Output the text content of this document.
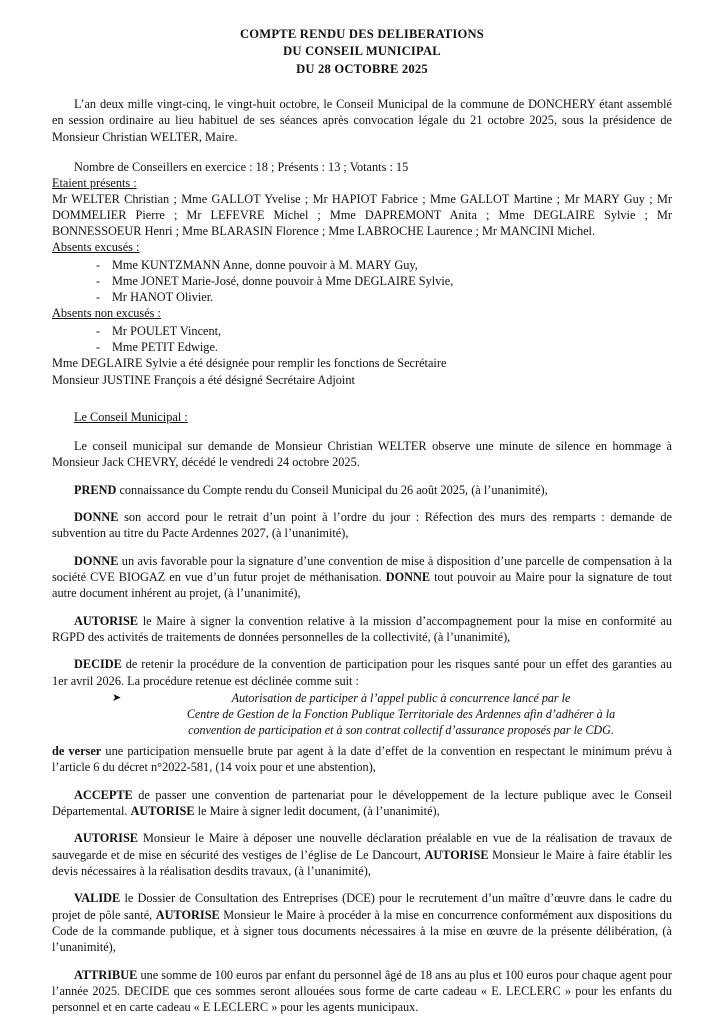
COMPTE RENDU DES DELIBERATIONS
DU CONSEIL MUNICIPAL
DU 28 OCTOBRE 2025

L’an deux mille vingt-cinq, le vingt-huit octobre, le Conseil Municipal de la commune de DONCHERY étant assemblé en session ordinaire au lieu habituel de ses séances après convocation légale du 21 octobre 2025, sous la présidence de Monsieur Christian WELTER, Maire.

Nombre de Conseillers en exercice : 18 ; Présents : 13 ; Votants : 15

Etaient présents :

Mr WELTER Christian ; Mme GALLOT Yvelise ; Mr HAPIOT Fabrice ; Mme GALLOT Martine ; Mr MARY Guy ; Mr DOMMELIER Pierre ; Mr LEFEVRE Michel ; Mme DAPREMONT Anita ; Mme DEGLAIRE Sylvie ; Mr BONNESSOEUR Henri ; Mme BLARASIN Florence ; Mme LABROCHE Laurence ; Mr MANCINI Michel.

Absents excusés :

- Mme KUNTZMANN Anne, donne pouvoir à M. MARY Guy,
- Mme JONET Marie-José, donne pouvoir à Mme DEGLAIRE Sylvie,
- Mr HANOT Olivier.

Absents non excusés :

- Mr POULET Vincent,
- Mme PETIT Edwige.

Mme DEGLAIRE Sylvie a été désignée pour remplir les fonctions de Secrétaire

Monsieur JUSTINE François a été désigné Secrétaire Adjoint

Le Conseil Municipal :

Le conseil municipal sur demande de Monsieur Christian WELTER observe une minute de silence en hommage à Monsieur Jack CHEVRY, décédé le vendredi 24 octobre 2025.

PREND connaissance du Compte rendu du Conseil Municipal du 26 août 2025, (à l’unanimité),

DONNE son accord pour le retrait d’un point à l’ordre du jour : Réfection des murs des remparts : demande de subvention au titre du Pacte Ardennes 2027, (à l’unanimité),

DONNE un avis favorable pour la signature d’une convention de mise à disposition d’une parcelle de compensation à la société CVE BIOGAZ en vue d’un futur projet de méthanisation. DONNE tout pouvoir au Maire pour la signature de tout autre document inhérent au projet, (à l’unanimité),

AUTORISE le Maire à signer la convention relative à la mission d’accompagnement pour la mise en conformité au RGPD des activités de traitements de données personnelles de la collectivité, (à l’unanimité),

DECIDE de retenir la procédure de la convention de participation pour les risques santé pour un effet des garanties au 1er avril 2026. La procédure retenue est déclinée comme suit :

➤	Autorisation de participer à l’appel public à concurrence lancé par le
Centre de Gestion de la Fonction Publique Territoriale des Ardennes afin d’adhérer à la
convention de participation et à son contrat collectif d’assurance proposés par le CDG.

de verser une participation mensuelle brute par agent à la date d’effet de la convention en respectant le minimum prévu à l’article 6 du décret n°2022-581, (14 voix pour et une abstention),

ACCEPTE de passer une convention de partenariat pour le développement de la lecture publique avec le Conseil Départemental. AUTORISE le Maire à signer ledit document, (à l’unanimité),

AUTORISE Monsieur le Maire à déposer une nouvelle déclaration préalable en vue de la réalisation de travaux de sauvegarde et de mise en sécurité des vestiges de l’église de Le Dancourt, AUTORISE Monsieur le Maire à faire établir les devis nécessaires à la réalisation desdits travaux, (à l’unanimité),

VALIDE le Dossier de Consultation des Entreprises (DCE) pour le recrutement d’un maître d’œuvre dans le cadre du projet de pôle santé, AUTORISE Monsieur le Maire à procéder à la mise en concurrence conformément aux dispositions du Code de la commande publique, et à signer tous documents nécessaires à la mise en œuvre de la présente délibération, (à l’unanimité),

ATTRIBUE une somme de 100 euros par enfant du personnel âgé de 18 ans au plus et 100 euros pour chaque agent pour l’année 2025. DECIDE que ces sommes seront allouées sous forme de carte cadeau « E. LECLERC » pour les enfants du personnel et en carte cadeau « E LECLERC » pour les agents municipaux.
